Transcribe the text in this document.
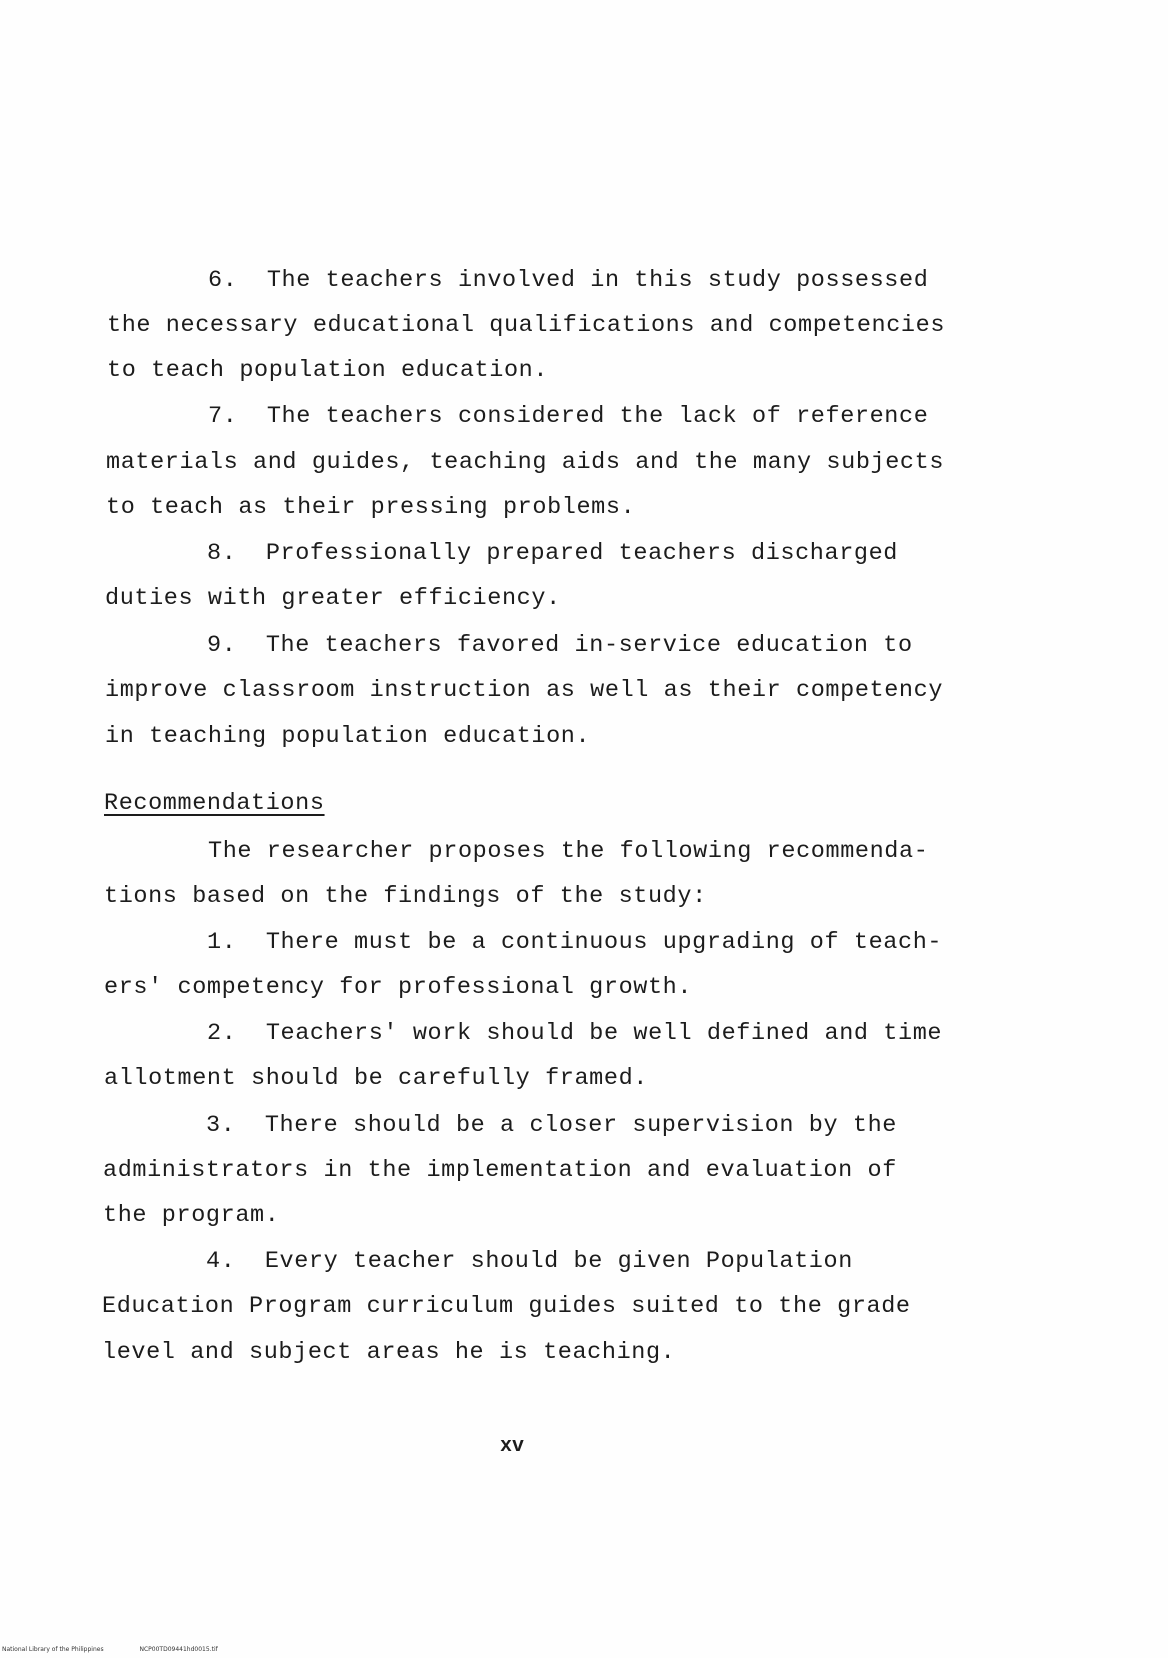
6. The teachers involved in this study possessed
the necessary educational qualifications and competencies
to teach population education.
7. The teachers considered the lack of reference
materials and guides, teaching aids and the many subjects
to teach as their pressing problems.
8. Professionally prepared teachers discharged
duties with greater efficiency.
9. The teachers favored in-service education to
improve classroom instruction as well as their competency
in teaching population education.
Recommendations
The researcher proposes the following recommenda-
tions based on the findings of the study:
1. There must be a continuous upgrading of teach-
ers' competency for professional growth.
2. Teachers' work should be well defined and time
allotment should be carefully framed.
3. There should be a closer supervision by the
administrators in the implementation and evaluation of
the program.
4. Every teacher should be given Population
Education Program curriculum guides suited to the grade
level and subject areas he is teaching.
xv
National Library of the Philippines	NCP00TD09441hd0015.tif
